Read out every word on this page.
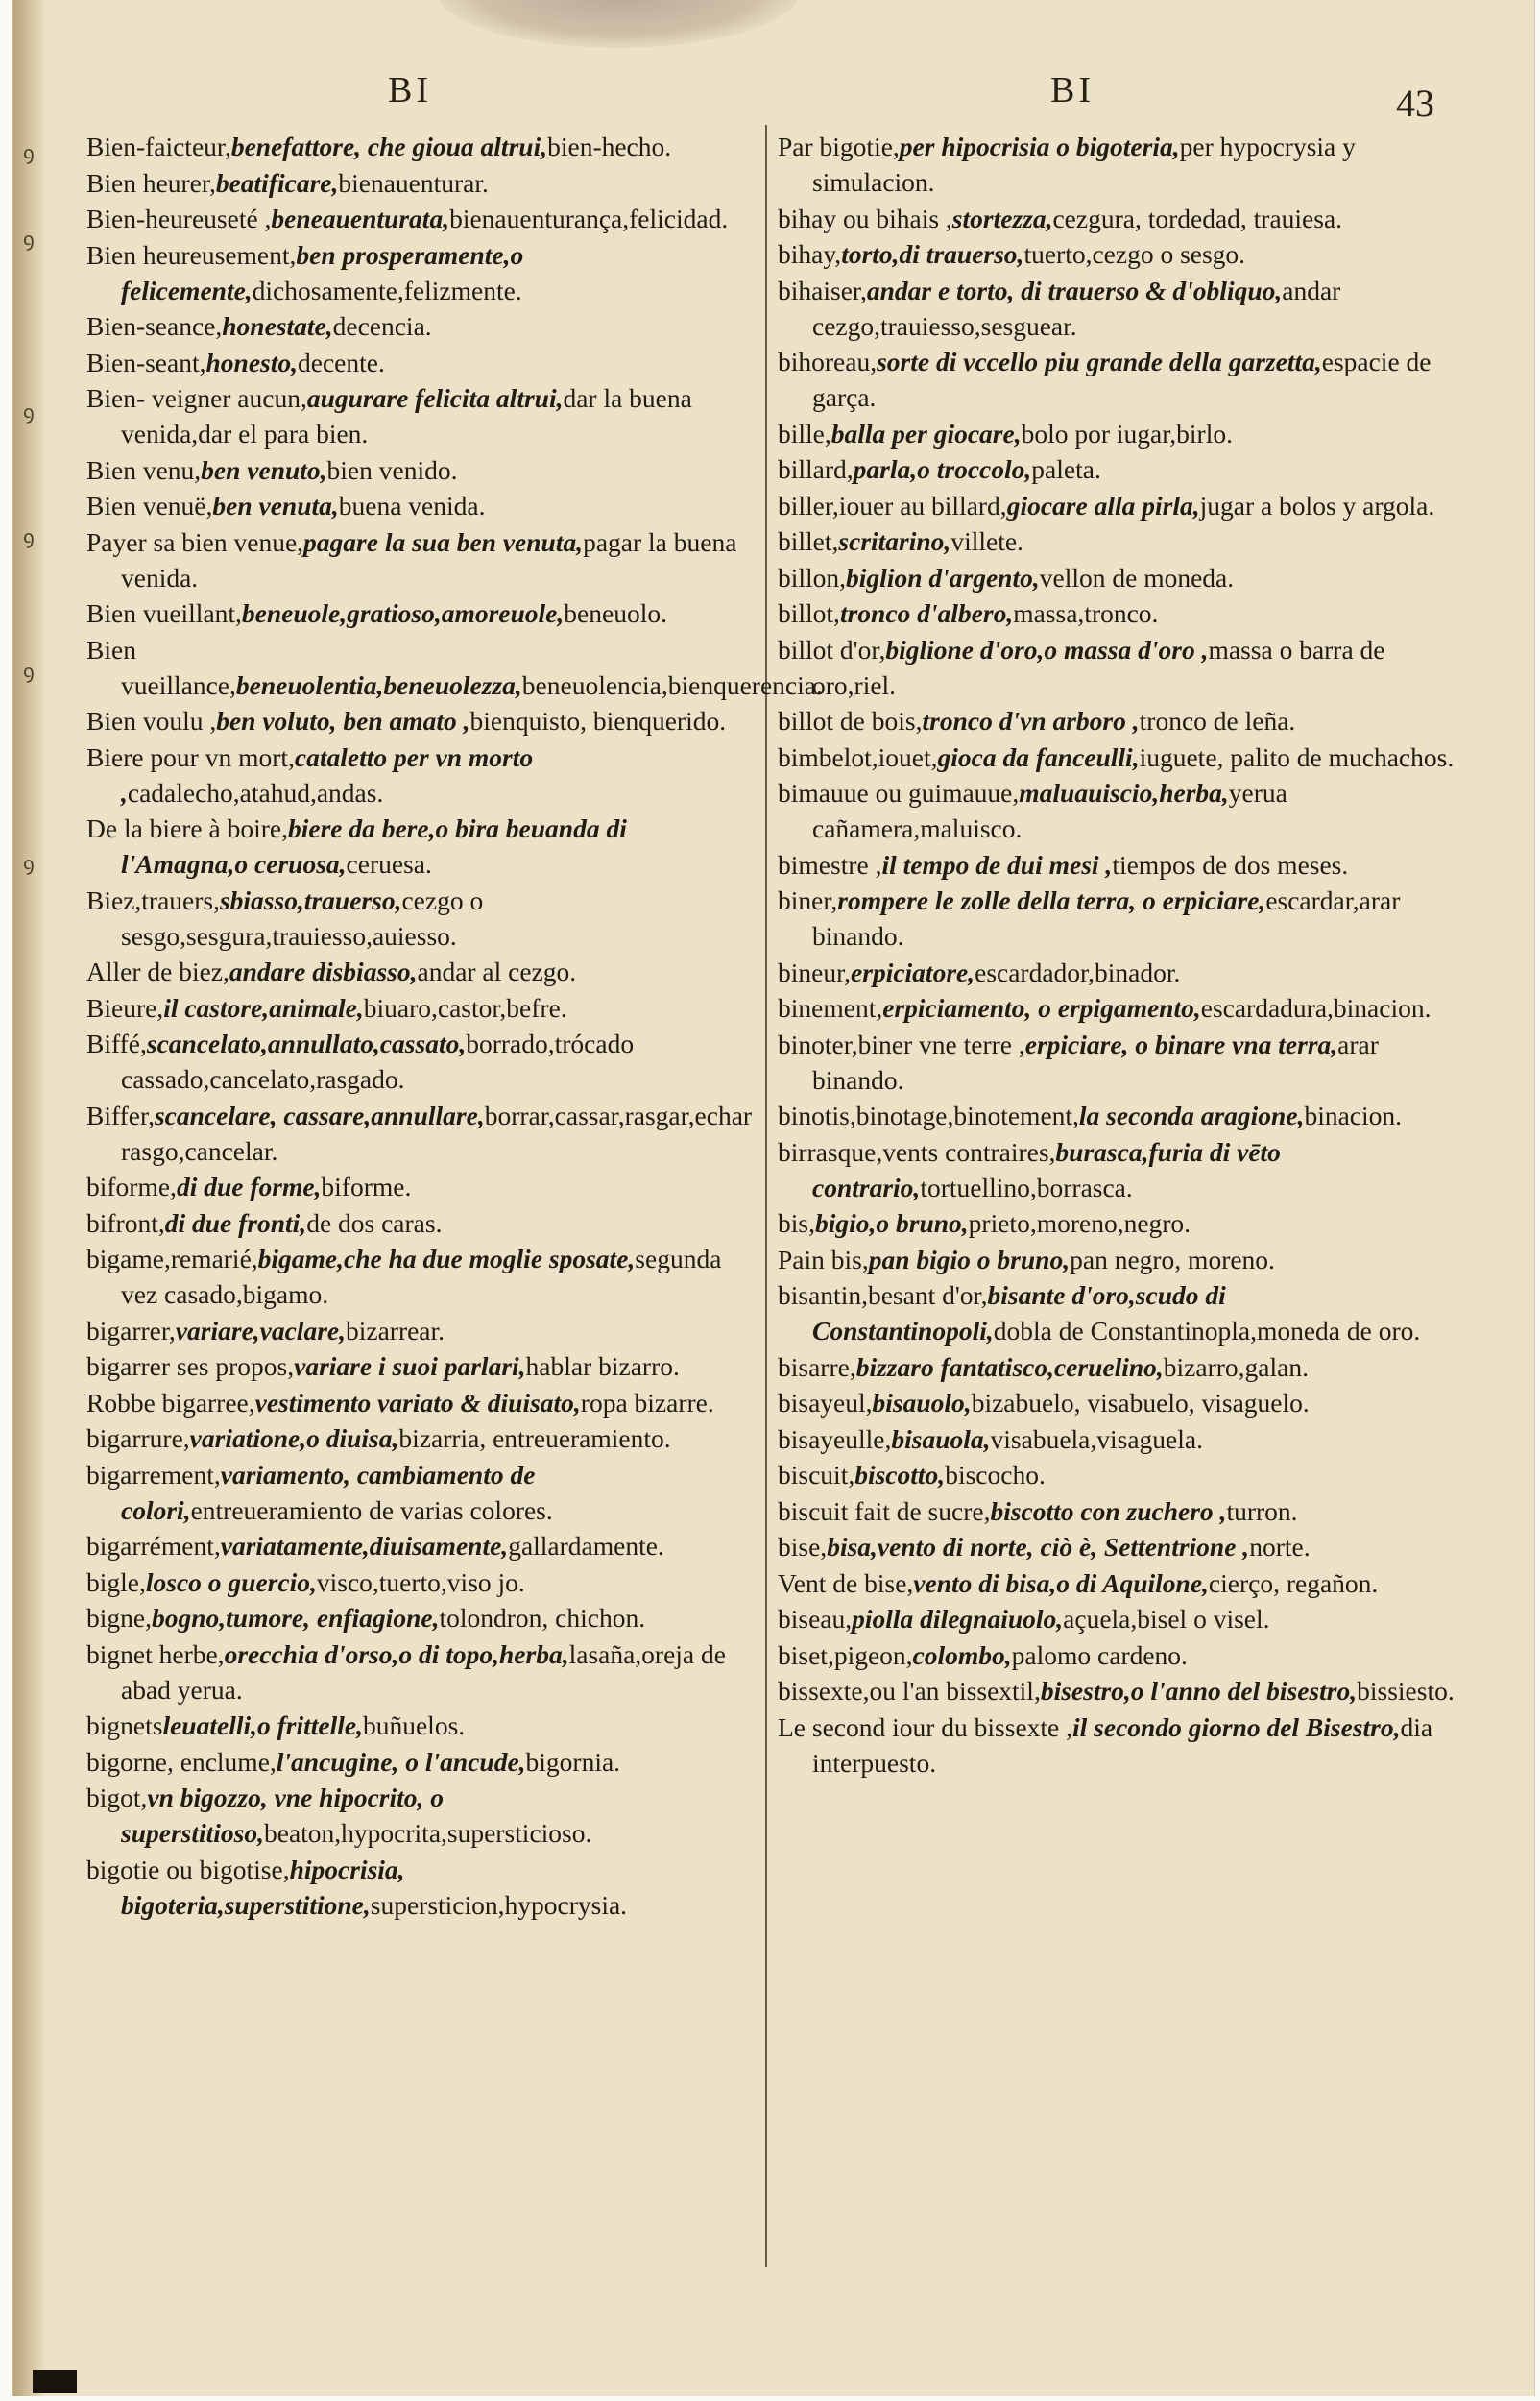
ꝯ
ꝯ
ꝯ
ꝯ
ꝯ
ꝯ
BI	BI	43
Bien-faicteur,benefattore, che gioua altrui,bien-hecho.
Bien heurer,beatificare,bienauenturar.
Bien-heureuseté ,beneauenturata,bienauenturança,felicidad.
Bien heureusement,ben prosperamente,o felicemente,dichosamente,felizmente.
Bien-seance,honestate,decencia.
Bien-seant,honesto,decente.
Bien- veigner aucun,augurare felicita altrui,dar la buena venida,dar el para bien.
Bien venu,ben venuto,bien venido.
Bien venuë,ben venuta,buena venida.
Payer sa bien venue,pagare la sua ben venuta,pagar la buena venida.
Bien vueillant,beneuole,gratioso,amoreuole,beneuolo.
Bien vueillance,beneuolentia,beneuolezza,beneuolencia,bienquerencia.
Bien voulu ,ben voluto, ben amato ,bienquisto, bienquerido.
Biere pour vn mort,cataletto per vn morto ,cadalecho,atahud,andas.
De la biere à boire,biere da bere,o bira beuanda di l'Amagna,o ceruosa,ceruesa.
Biez,trauers,sbiasso,trauerso,cezgo o sesgo,sesgura,trauiesso,auiesso.
Aller de biez,andare disbiasso,andar al cezgo.
Bieure,il castore,animale,biuaro,castor,befre.
Biffé,scancelato,annullato,cassato,borrado,trócado cassado,cancelato,rasgado.
Biffer,scancelare, cassare,annullare,borrar,cassar,rasgar,echar rasgo,cancelar.
biforme,di due forme,biforme.
bifront,di due fronti,de dos caras.
bigame,remarié,bigame,che ha due moglie sposate,segunda vez casado,bigamo.
bigarrer,variare,vaclare,bizarrear.
bigarrer ses propos,variare i suoi parlari,hablar bizarro.
Robbe bigarree,vestimento variato & diuisato,ropa bizarre.
bigarrure,variatione,o diuisa,bizarria, entreueramiento.
bigarrement,variamento, cambiamento de colori,entreueramiento de varias colores.
bigarrément,variatamente,diuisamente,gallardamente.
bigle,losco o guercio,visco,tuerto,viso jo.
bigne,bogno,tumore, enfiagione,tolondron, chichon.
bignet herbe,orecchia d'orso,o di topo,herba,lasaña,oreja de abad yerua.
bignetsleuatelli,o frittelle,buñuelos.
bigorne, enclume,l'ancugine, o l'ancude,bigornia.
bigot,vn bigozzo, vne hipocrito, o superstitioso,beaton,hypocrita,supersticioso.
bigotie ou bigotise,hipocrisia, bigoteria,superstitione,supersticion,hypocrysia.
Par bigotie,per hipocrisia o bigoteria,per hypocrysia y simulacion.
bihay ou bihais ,stortezza,cezgura, tordedad, trauiesa.
bihay,torto,di trauerso,tuerto,cezgo o sesgo.
bihaiser,andar e torto, di trauerso & d'obliquo,andar cezgo,trauiesso,sesguear.
bihoreau,sorte di vccello piu grande della garzetta,espacie de garça.
bille,balla per giocare,bolo por iugar,birlo.
billard,parla,o troccolo,paleta.
biller,iouer au billard,giocare alla pirla,jugar a bolos y argola.
billet,scritarino,villete.
billon,biglion d'argento,vellon de moneda.
billot,tronco d'albero,massa,tronco.
billot d'or,biglione d'oro,o massa d'oro ,massa o barra de oro,riel.
billot de bois,tronco d'vn arboro ,tronco de leña.
bimbelot,iouet,gioca da fanceulli,iuguete, palito de muchachos.
bimauue ou guimauue,maluauiscio,herba,yerua cañamera,maluisco.
bimestre ,il tempo de dui mesi ,tiempos de dos meses.
biner,rompere le zolle della terra, o erpiciare,escardar,arar binando.
bineur,erpiciatore,escardador,binador.
binement,erpiciamento, o erpigamento,escardadura,binacion.
binoter,biner vne terre ,erpiciare, o binare vna terra,arar binando.
binotis,binotage,binotement,la seconda aragione,binacion.
birrasque,vents contraires,burasca,furia di vēto contrario,tortuellino,borrasca.
bis,bigio,o bruno,prieto,moreno,negro.
Pain bis,pan bigio o bruno,pan negro, moreno.
bisantin,besant d'or,bisante d'oro,scudo di Constantinopoli,dobla de Constantinopla,moneda de oro.
bisarre,bizzaro fantatisco,ceruelino,bizarro,galan.
bisayeul,bisauolo,bizabuelo, visabuelo, visaguelo.
bisayeulle,bisauola,visabuela,visaguela.
biscuit,biscotto,biscocho.
biscuit fait de sucre,biscotto con zuchero ,turron.
bise,bisa,vento di norte, ciò è, Settentrione ,norte.
Vent de bise,vento di bisa,o di Aquilone,cierço, regañon.
biseau,piolla dilegnaiuolo,açuela,bisel o visel.
biset,pigeon,colombo,palomo cardeno.
bissexte,ou l'an bissextil,bisestro,o l'anno del bisestro,bissiesto.
Le second iour du bissexte ,il secondo giorno del Bisestro,dia interpuesto.
